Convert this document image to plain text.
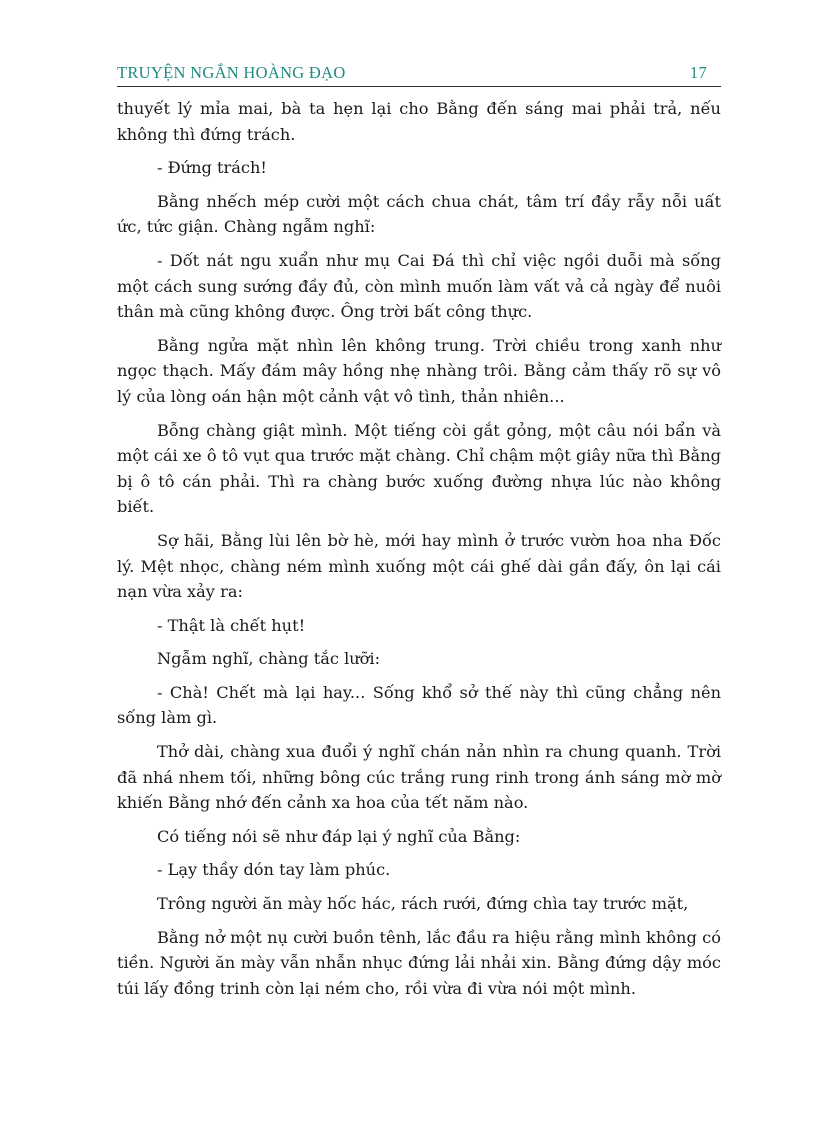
TRUYỆN NGẮN HOÀNG ĐẠO	17

thuyết lý mỉa mai, bà ta hẹn lại cho Bằng đến sáng mai phải trả, nếu không thì đứng trách.

- Đứng trách!

Bằng nhếch mép cười một cách chua chát, tâm trí đầy rẫy nỗi uất ức, tức giận. Chàng ngẫm nghĩ:

- Dốt nát ngu xuẩn như mụ Cai Đá thì chỉ việc ngồi duỗi mà sống một cách sung sướng đầy đủ, còn mình muốn làm vất vả cả ngày để nuôi thân mà cũng không được. Ông trời bất công thực.

Bằng ngửa mặt nhìn lên không trung. Trời chiều trong xanh như ngọc thạch. Mấy đám mây hồng nhẹ nhàng trôi. Bằng cảm thấy rõ sự vô lý của lòng oán hận một cảnh vật vô tình, thản nhiên...

Bỗng chàng giật mình. Một tiếng còi gắt gỏng, một câu nói bẩn và một cái xe ô tô vụt qua trước mặt chàng. Chỉ chậm một giây nữa thì Bằng bị ô tô cán phải. Thì ra chàng bước xuống đường nhựa lúc nào không biết.

Sợ hãi, Bằng lùi lên bờ hè, mới hay mình ở trước vườn hoa nha Đốc lý. Mệt nhọc, chàng ném mình xuống một cái ghế dài gần đấy, ôn lại cái nạn vừa xảy ra:

- Thật là chết hụt!

Ngẫm nghĩ, chàng tắc lưỡi:

- Chà! Chết mà lại hay... Sống khổ sở thế này thì cũng chẳng nên sống làm gì.

Thở dài, chàng xua đuổi ý nghĩ chán nản nhìn ra chung quanh. Trời đã nhá nhem tối, những bông cúc trắng rung rinh trong ánh sáng mờ mờ khiến Bằng nhớ đến cảnh xa hoa của tết năm nào.

Có tiếng nói sẽ như đáp lại ý nghĩ của Bằng:

- Lạy thầy dón tay làm phúc.

Trông người ăn mày hốc hác, rách rưới, đứng chìa tay trước mặt,

Bằng nở một nụ cười buồn tênh, lắc đầu ra hiệu rằng mình không có tiền. Người ăn mày vẫn nhẫn nhục đứng lải nhải xin. Bằng đứng dậy móc túi lấy đồng trinh còn lại ném cho, rồi vừa đi vừa nói một mình.
